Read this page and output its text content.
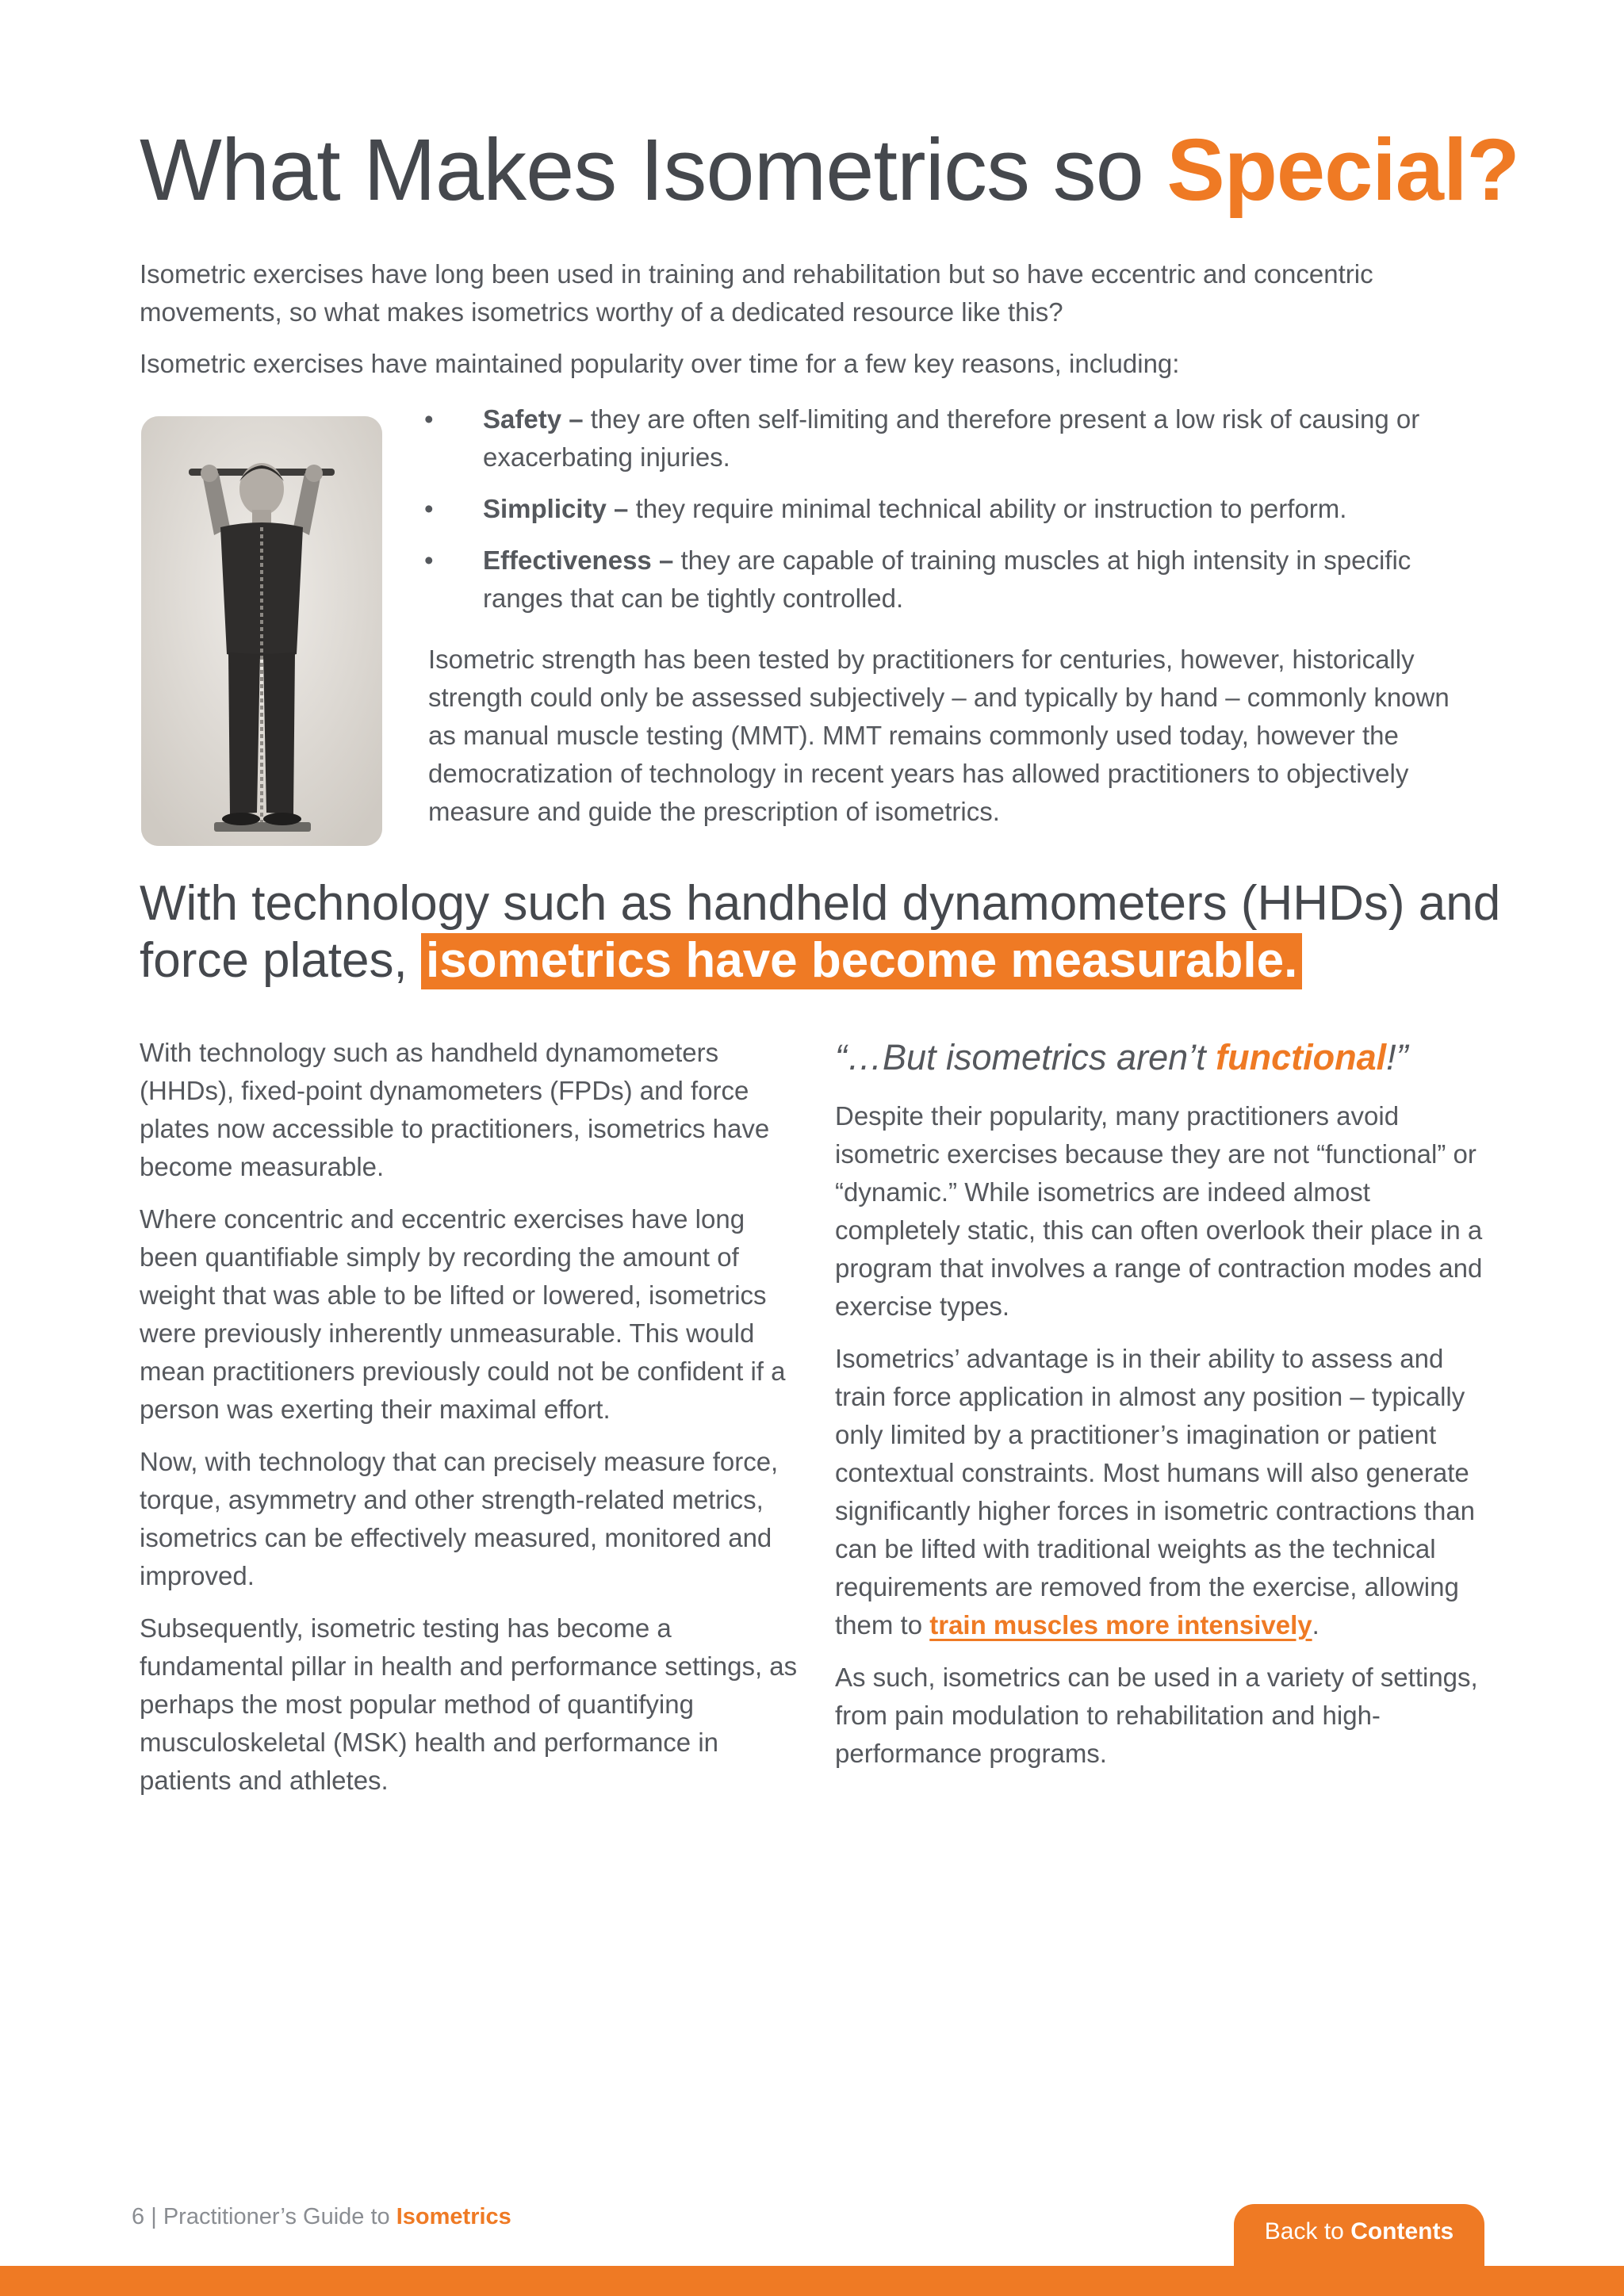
What Makes Isometrics so Special?

Isometric exercises have long been used in training and rehabilitation but so have eccentric and concentric movements, so what makes isometrics worthy of a dedicated resource like this?

Isometric exercises have maintained popularity over time for a few key reasons, including:

• Safety – they are often self-limiting and therefore present a low risk of causing or exacerbating injuries.
• Simplicity – they require minimal technical ability or instruction to perform.
• Effectiveness – they are capable of training muscles at high intensity in specific ranges that can be tightly controlled.

Isometric strength has been tested by practitioners for centuries, however, historically strength could only be assessed subjectively – and typically by hand – commonly known as manual muscle testing (MMT). MMT remains commonly used today, however the democratization of technology in recent years has allowed practitioners to objectively measure and guide the prescription of isometrics.

With technology such as handheld dynamometers (HHDs) and force plates, isometrics have become measurable.

With technology such as handheld dynamometers (HHDs), fixed-point dynamometers (FPDs) and force plates now accessible to practitioners, isometrics have become measurable.

Where concentric and eccentric exercises have long been quantifiable simply by recording the amount of weight that was able to be lifted or lowered, isometrics were previously inherently unmeasurable. This would mean practitioners previously could not be confident if a person was exerting their maximal effort.

Now, with technology that can precisely measure force, torque, asymmetry and other strength-related metrics, isometrics can be effectively measured, monitored and improved.

Subsequently, isometric testing has become a fundamental pillar in health and performance settings, as perhaps the most popular method of quantifying musculoskeletal (MSK) health and performance in patients and athletes.

“…But isometrics aren’t functional!”

Despite their popularity, many practitioners avoid isometric exercises because they are not “functional” or “dynamic.” While isometrics are indeed almost completely static, this can often overlook their place in a program that involves a range of contraction modes and exercise types.

Isometrics’ advantage is in their ability to assess and train force application in almost any position – typically only limited by a practitioner’s imagination or patient contextual constraints. Most humans will also generate significantly higher forces in isometric contractions than can be lifted with traditional weights as the technical requirements are removed from the exercise, allowing them to train muscles more intensively.

As such, isometrics can be used in a variety of settings, from pain modulation to rehabilitation and high-performance programs.

6 | Practitioner’s Guide to Isometrics
Back to Contents
